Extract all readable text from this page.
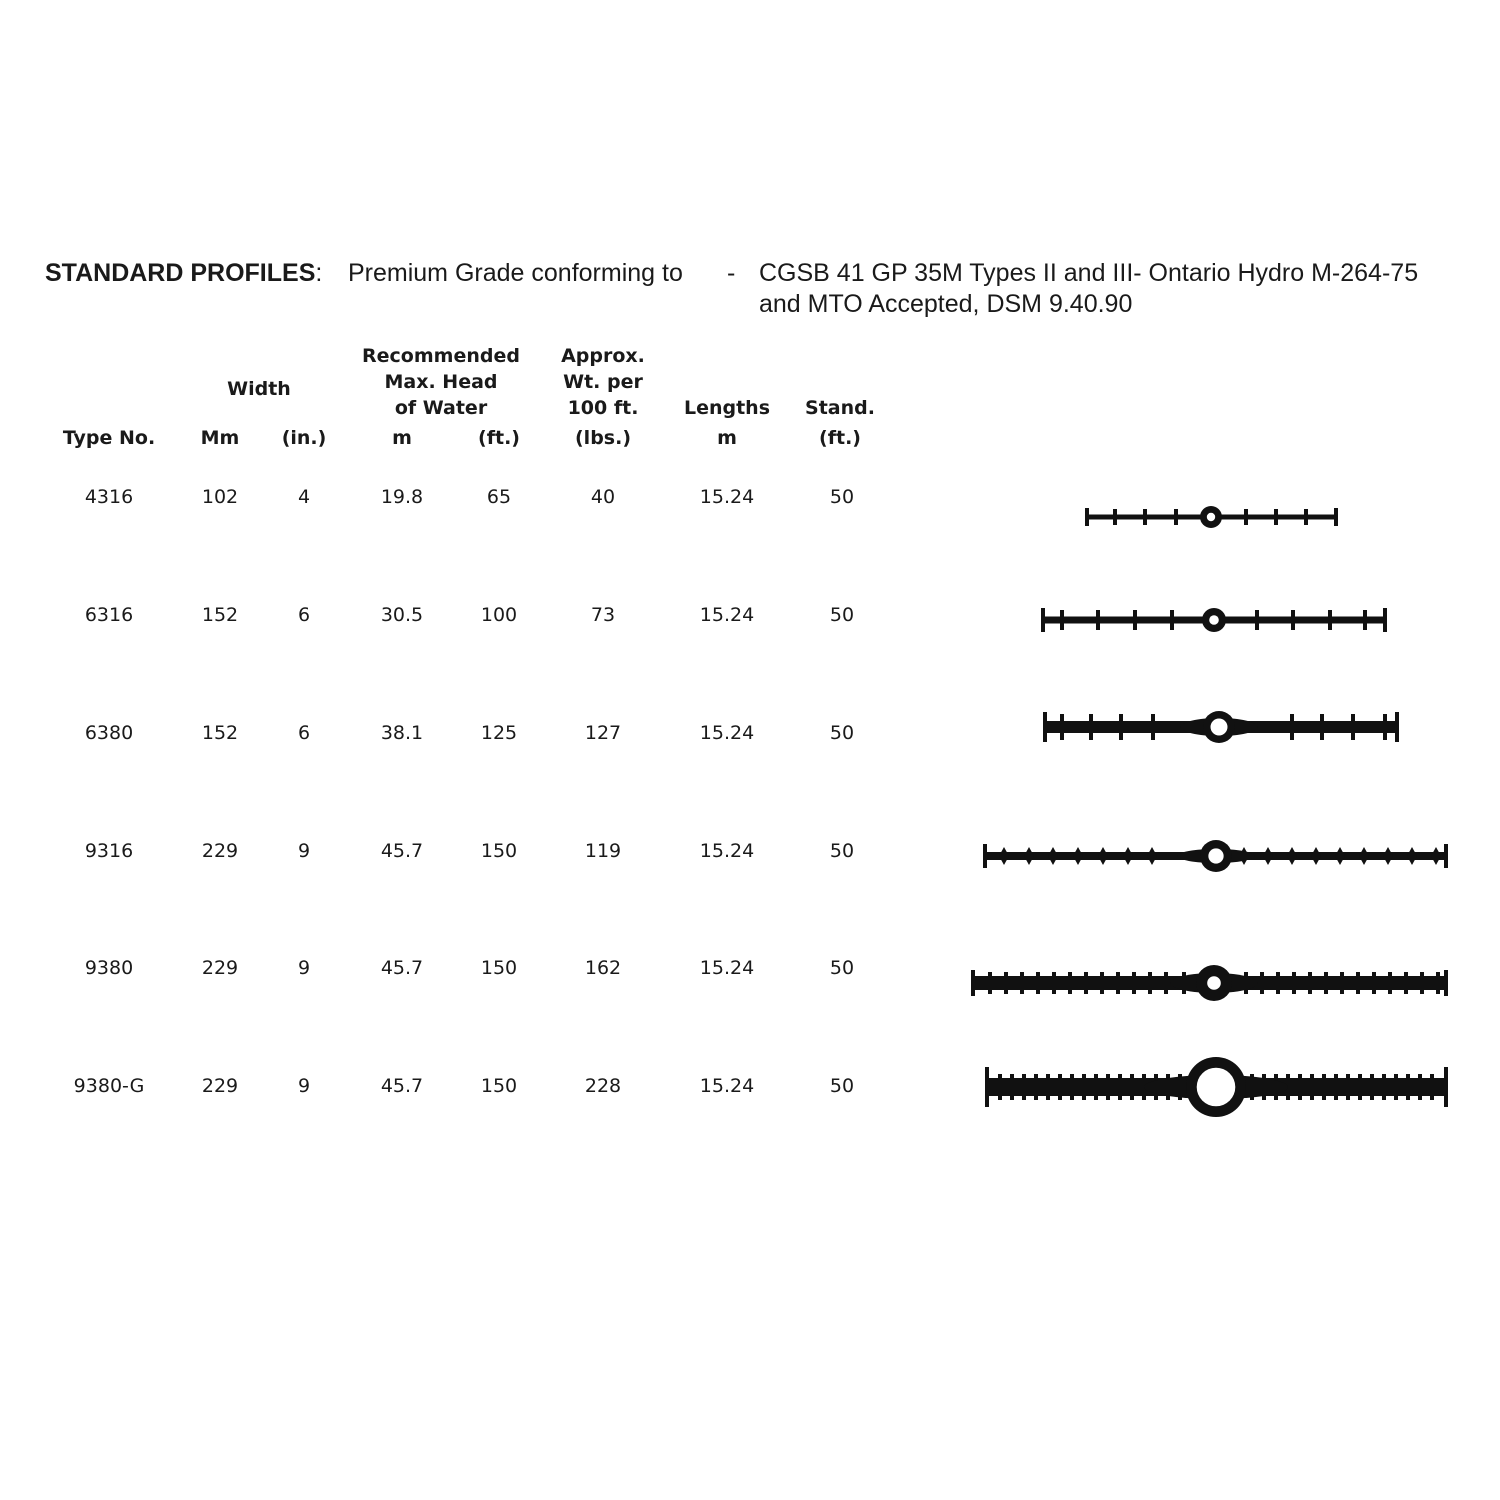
STANDARD PROFILES: Premium Grade conforming to - CGSB 41 GP 35M Types II and III- Ontario Hydro M-264-75
and MTO Accepted, DSM 9.40.90
Width
Recommended
Max. Head
of Water
Approx.
Wt. per
100 ft. Lengths Stand.
Type No. Mm (in.)	m	(ft.)	(lbs.)	m	(ft.)
4316	102	4	19.8	65	40	15.24	50
6316	152	6	30.5	100	73	15.24	50
6380	152	6	38.1	125	127	15.24	50
9316	229	9	45.7	150	119	15.24	50
9380	229	9	45.7	150	162	15.24	50
9380-G	229	9	45.7	150	228	15.24	50
